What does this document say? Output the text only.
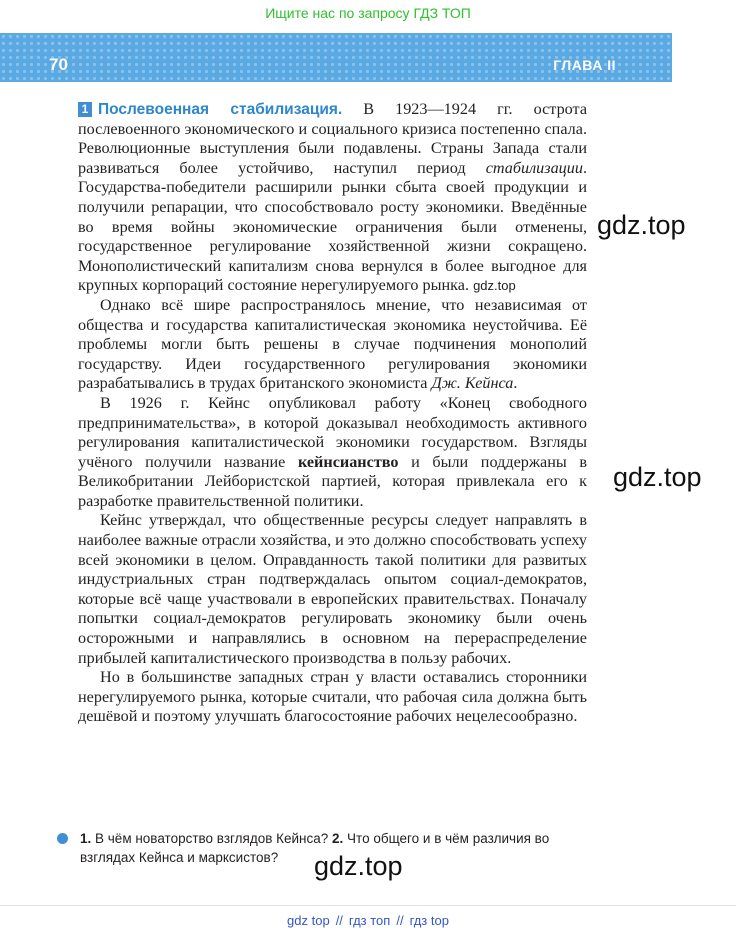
Ищите нас по запросу ГДЗ ТОП
70	ГЛАВА II

1 Послевоенная стабилизация. В 1923—1924 гг. острота послевоенного экономического и социального кризиса постепенно спала. Революционные выступления были подавлены. Страны Запада стали развиваться более устойчиво, наступил период стабилизации. Государства-победители расширили рынки сбыта своей продукции и получили репарации, что способствовало росту экономики. Введённые во время войны экономические ограничения были отменены, государственное регулирование хозяйственной жизни сокращено. Монополистический капитализм снова вернулся в более выгодное для крупных корпораций состояние нерегулируемого рынка. gdz.top

Однако всё шире распространялось мнение, что независимая от общества и государства капиталистическая экономика неустойчива. Её проблемы могли быть решены в случае подчинения монополий государству. Идеи государственного регулирования экономики разрабатывались в трудах британского экономиста Дж. Кейнса.

В 1926 г. Кейнс опубликовал работу «Конец свободного предпринимательства», в которой доказывал необходимость активного регулирования капиталистической экономики государством. Взгляды учёного получили название кейнсианство и были поддержаны в Великобритании Лейбористской партией, которая привлекала его к разработке правительственной политики.

Кейнс утверждал, что общественные ресурсы следует направлять в наиболее важные отрасли хозяйства, и это должно способствовать успеху всей экономики в целом. Оправданность такой политики для развитых индустриальных стран подтверждалась опытом социал-демократов, которые всё чаще участвовали в европейских правительствах. Поначалу попытки социал-демократов регулировать экономику были очень осторожными и направлялись в основном на перераспределение прибылей капиталистического производства в пользу рабочих.

Но в большинстве западных стран у власти оставались сторонники нерегулируемого рынка, которые считали, что рабочая сила должна быть дешёвой и поэтому улучшать благосостояние рабочих нецелесообразно.

1. В чём новаторство взглядов Кейнса? 2. Что общего и в чём различия во взглядах Кейнса и марксистов?
gdz.top
gdz.top
gdz.top
gdz top // гдз топ // гдз top
